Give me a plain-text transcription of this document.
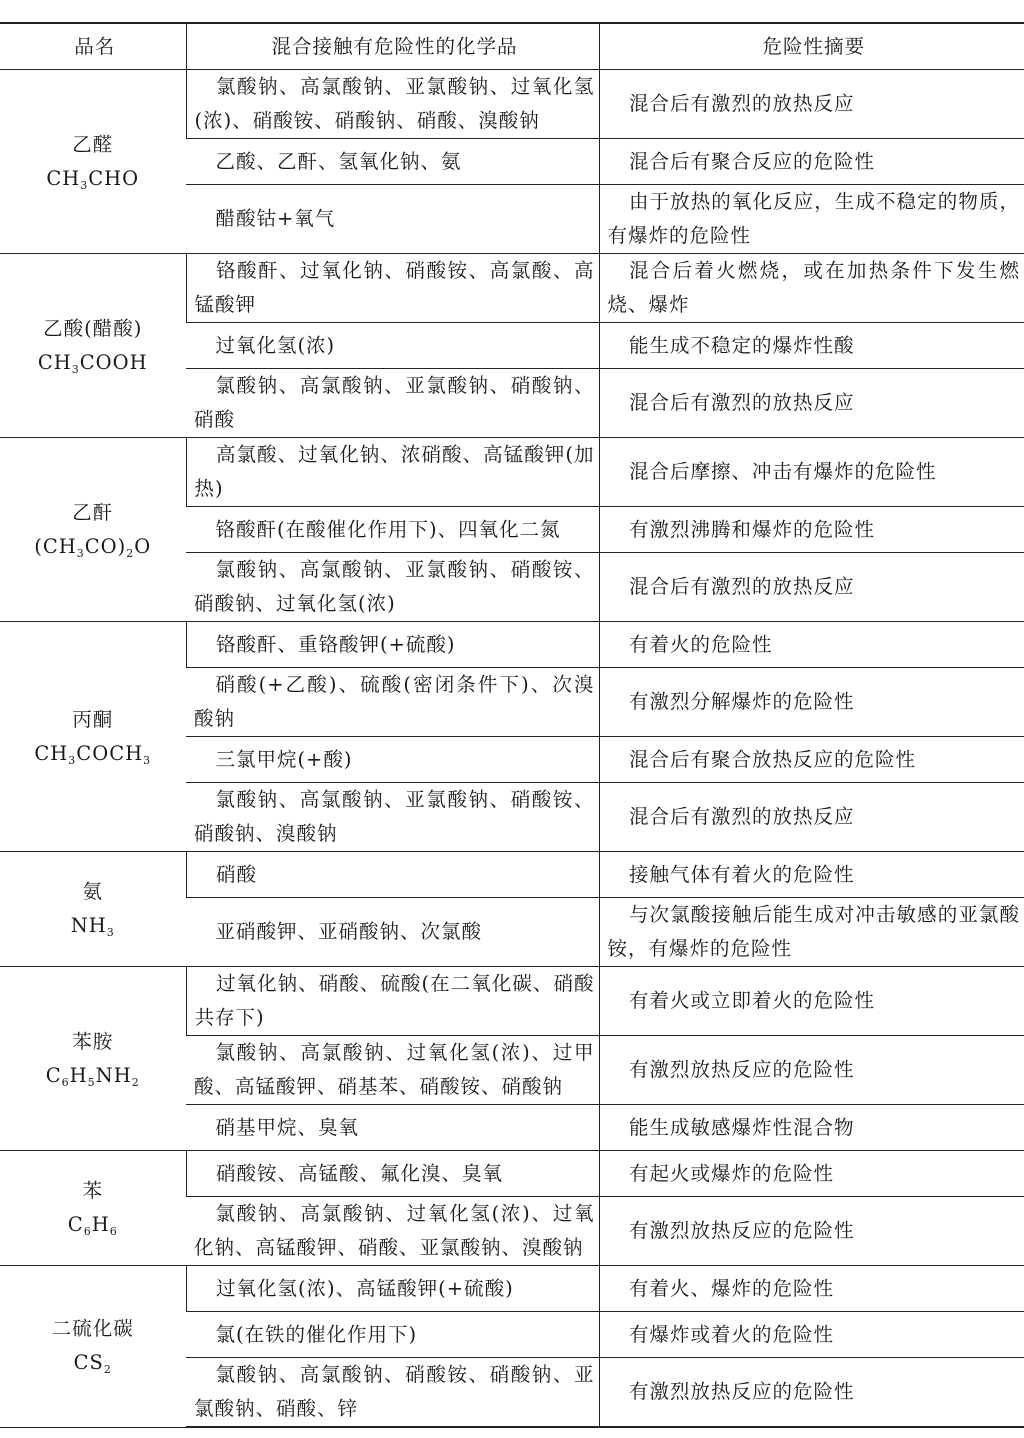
品名	混合接触有危险性的化学品	危险性摘要

乙醛
$CH_3CHO$	氯酸钠、高氯酸钠、亚氯酸钠、过氧化氢(浓)、硝酸铵、硝酸钠、硝酸、溴酸钠	混合后有激烈的放热反应
	乙酸、乙酐、氢氧化钠、氨	混合后有聚合反应的危险性
	醋酸钴+氧气	由于放热的氧化反应，生成不稳定的物质，有爆炸的危险性

乙酸(醋酸)
$CH_3COOH$	铬酸酐、过氧化钠、硝酸铵、高氯酸、高锰酸钾	混合后着火燃烧，或在加热条件下发生燃烧、爆炸
	过氧化氢(浓)	能生成不稳定的爆炸性酸
	氯酸钠、高氯酸钠、亚氯酸钠、硝酸钠、硝酸	混合后有激烈的放热反应

乙酐
$(CH_3CO)_2O$	高氯酸、过氧化钠、浓硝酸、高锰酸钾(加热)	混合后摩擦、冲击有爆炸的危险性
	铬酸酐(在酸催化作用下)、四氧化二氮	有激烈沸腾和爆炸的危险性
	氯酸钠、高氯酸钠、亚氯酸钠、硝酸铵、硝酸钠、过氧化氢(浓)	混合后有激烈的放热反应

丙酮
$CH_3COCH_3$	铬酸酐、重铬酸钾(+硫酸)	有着火的危险性
	硝酸(+乙酸)、硫酸(密闭条件下)、次溴酸钠	有激烈分解爆炸的危险性
	三氯甲烷(+酸)	混合后有聚合放热反应的危险性
	氯酸钠、高氯酸钠、亚氯酸钠、硝酸铵、硝酸钠、溴酸钠	混合后有激烈的放热反应

氨
$NH_3$	硝酸	接触气体有着火的危险性
	亚硝酸钾、亚硝酸钠、次氯酸	与次氯酸接触后能生成对冲击敏感的亚氯酸铵，有爆炸的危险性

苯胺
$C_6H_5NH_2$	过氧化钠、硝酸、硫酸(在二氧化碳、硝酸共存下)	有着火或立即着火的危险性
	氯酸钠、高氯酸钠、过氧化氢(浓)、过甲酸、高锰酸钾、硝基苯、硝酸铵、硝酸钠	有激烈放热反应的危险性
	硝基甲烷、臭氧	能生成敏感爆炸性混合物

苯
$C_6H_6$	硝酸铵、高锰酸、氟化溴、臭氧	有起火或爆炸的危险性
	氯酸钠、高氯酸钠、过氧化氢(浓)、过氧化钠、高锰酸钾、硝酸、亚氯酸钠、溴酸钠	有激烈放热反应的危险性

二硫化碳
$CS_2$	过氧化氢(浓)、高锰酸钾(+硫酸)	有着火、爆炸的危险性
	氯(在铁的催化作用下)	有爆炸或着火的危险性
	氯酸钠、高氯酸钠、硝酸铵、硝酸钠、亚氯酸钠、硝酸、锌	有激烈放热反应的危险性
